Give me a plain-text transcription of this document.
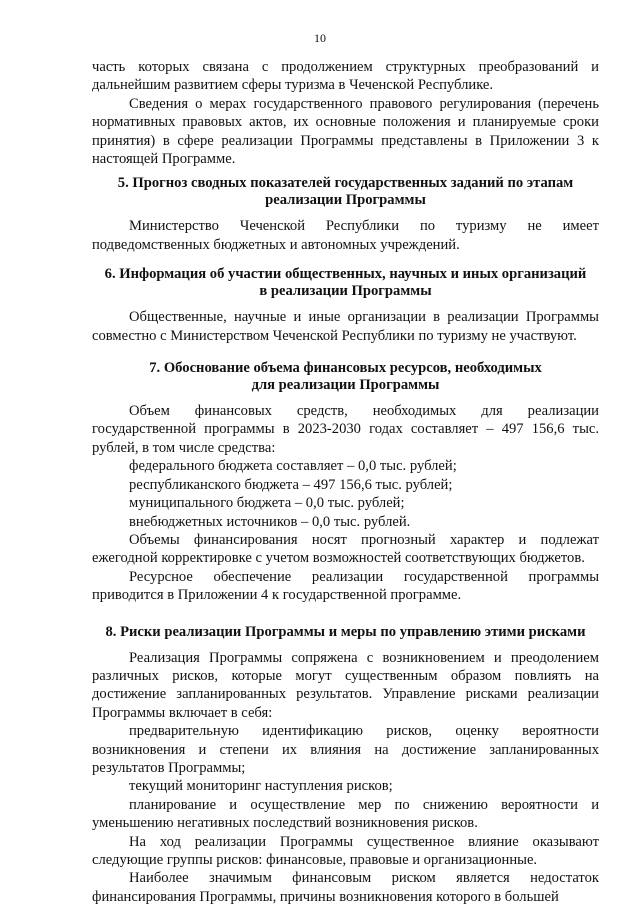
10

часть которых связана с продолжением структурных преобразований и дальнейшим развитием сферы туризма в Чеченской Республике.

Сведения о мерах государственного правового регулирования (перечень нормативных правовых актов, их основные положения и планируемые сроки принятия) в сфере реализации Программы представлены в Приложении 3 к настоящей Программе.

5. Прогноз сводных показателей государственных заданий по этапам
реализации Программы

Министерство Чеченской Республики по туризму не имеет подведомственных бюджетных и автономных учреждений.

6. Информация об участии общественных, научных и иных организаций
в реализации Программы

Общественные, научные и иные организации в реализации Программы совместно с Министерством Чеченской Республики по туризму не участвуют.

7. Обоснование объема финансовых ресурсов, необходимых
для реализации Программы

Объем финансовых средств, необходимых для реализации государственной программы в 2023-2030 годах составляет – 497 156,6 тыс. рублей, в том числе средства:

федерального бюджета составляет – 0,0 тыс. рублей;

республиканского бюджета – 497 156,6 тыс. рублей;

муниципального бюджета – 0,0 тыс. рублей;

внебюджетных источников – 0,0 тыс. рублей.

Объемы финансирования носят прогнозный характер и подлежат ежегодной корректировке с учетом возможностей соответствующих бюджетов.

Ресурсное обеспечение реализации государственной программы приводится в Приложении 4 к государственной программе.

8. Риски реализации Программы и меры по управлению этими рисками

Реализация Программы сопряжена с возникновением и преодолением различных рисков, которые могут существенным образом повлиять на достижение запланированных результатов. Управление рисками реализации Программы включает в себя:

предварительную идентификацию рисков, оценку вероятности возникновения и степени их влияния на достижение запланированных результатов Программы;

текущий мониторинг наступления рисков;

планирование и осуществление мер по снижению вероятности и уменьшению негативных последствий возникновения рисков.

На ход реализации Программы существенное влияние оказывают следующие группы рисков: финансовые, правовые и организационные.

Наиболее значимым финансовым риском является недостаток финансирования Программы, причины возникновения которого в большей
